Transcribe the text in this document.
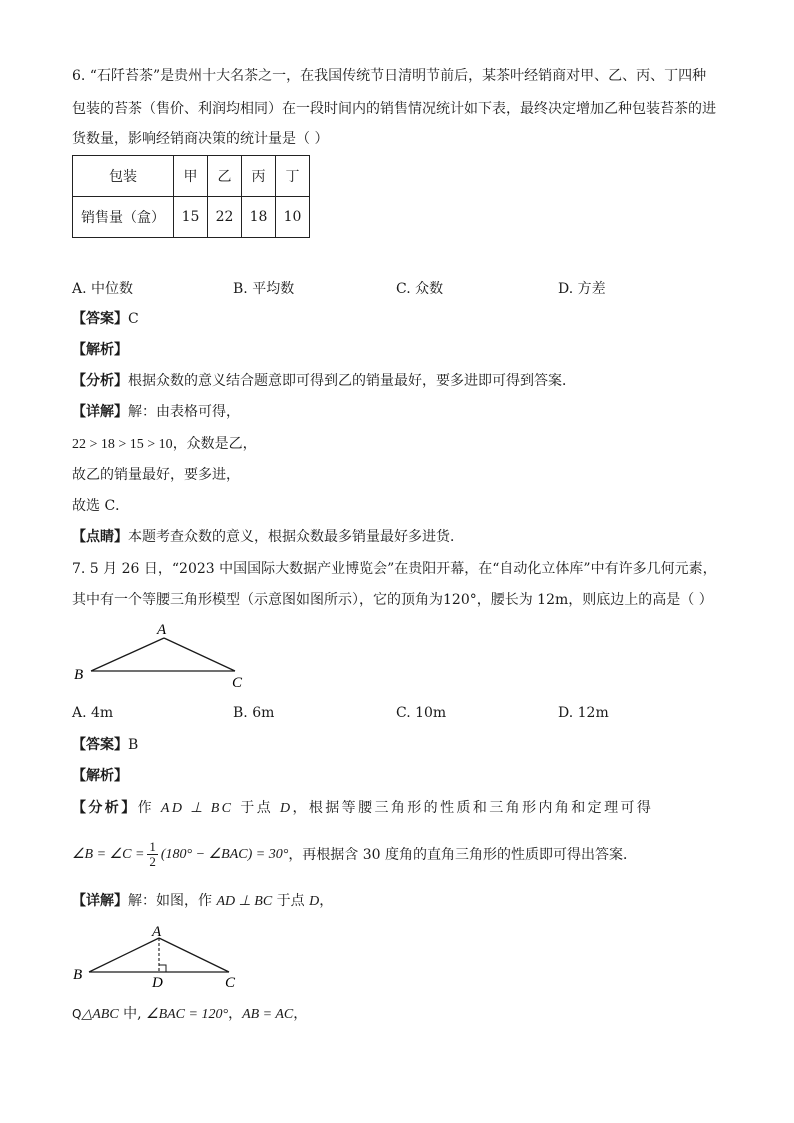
6. “石阡苔茶”是贵州十大名茶之一，在我国传统节日清明节前后，某茶叶经销商对甲、乙、丙、丁四种
包装的苔茶（售价、利润均相同）在一段时间内的销售情况统计如下表，最终决定增加乙种包装苔茶的进
货数量，影响经销商决策的统计量是（ ）
包装	甲	乙	丙	丁
销售量（盒）	15	22	18	10
A. 中位数	B. 平均数	C. 众数	D. 方差
【答案】C
【解析】
【分析】根据众数的意义结合题意即可得到乙的销量最好，要多进即可得到答案．
【详解】解：由表格可得，
22 > 18 > 15 > 10，众数是乙，
故乙的销量最好，要多进，
故选 C．
【点睛】本题考查众数的意义，根据众数最多销量最好多进货．
7. 5 月 26 日，“2023 中国国际大数据产业博览会”在贵阳开幕，在“自动化立体库”中有许多几何元素，
其中有一个等腰三角形模型（示意图如图所示），它的顶角为120°，腰长为 12m，则底边上的高是（ ）
A
B	C
A. 4m	B. 6m	C. 10m	D. 12m
【答案】B
【解析】
【分析】作 AD ⊥ BC 于点 D，根据等腰三角形的性质和三角形内角和定理可得
∠B = ∠C = $\frac{1}{2} (180^\circ$ − ∠BAC) = 30° ，再根据含 30 度角的直角三角形的性质即可得出答案．
【详解】解：如图，作 AD ⊥ BC 于点 D，
A
B	C
D
Q△ABC 中, ∠BAC = 120°，AB = AC，
